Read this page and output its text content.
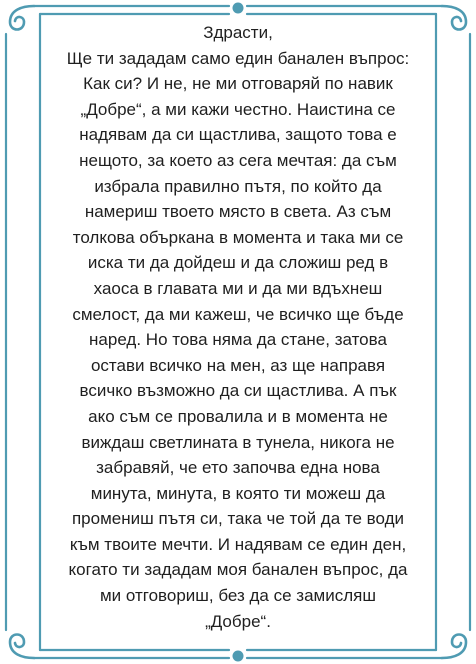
Здрасти,
Ще ти зададам само един банален въпрос:
Как си? И не, не ми отговаряй по навик
„Добре“, а ми кажи честно. Наистина се
надявам да си щастлива, защото това е
нещото, за което аз сега мечтая: да съм
избрала правилно пътя, по който да
намериш твоето място в света. Аз съм
толкова объркана в момента и така ми се
иска ти да дойдеш и да сложиш ред в
хаоса в главата ми и да ми вдъхнеш
смелост, да ми кажеш, че всичко ще бъде
наред. Но това няма да стане, затова
остави всичко на мен, аз ще направя
всичко възможно да си щастлива. А пък
ако съм се провалила и в момента не
виждаш светлината в тунела, никога не
забравяй, че ето започва една нова
минута, минута, в която ти можеш да
промениш пътя си, така че той да те води
към твоите мечти. И надявам се един ден,
когато ти зададам моя банален въпрос, да
ми отговориш, без да се замисляш
„Добре“.
